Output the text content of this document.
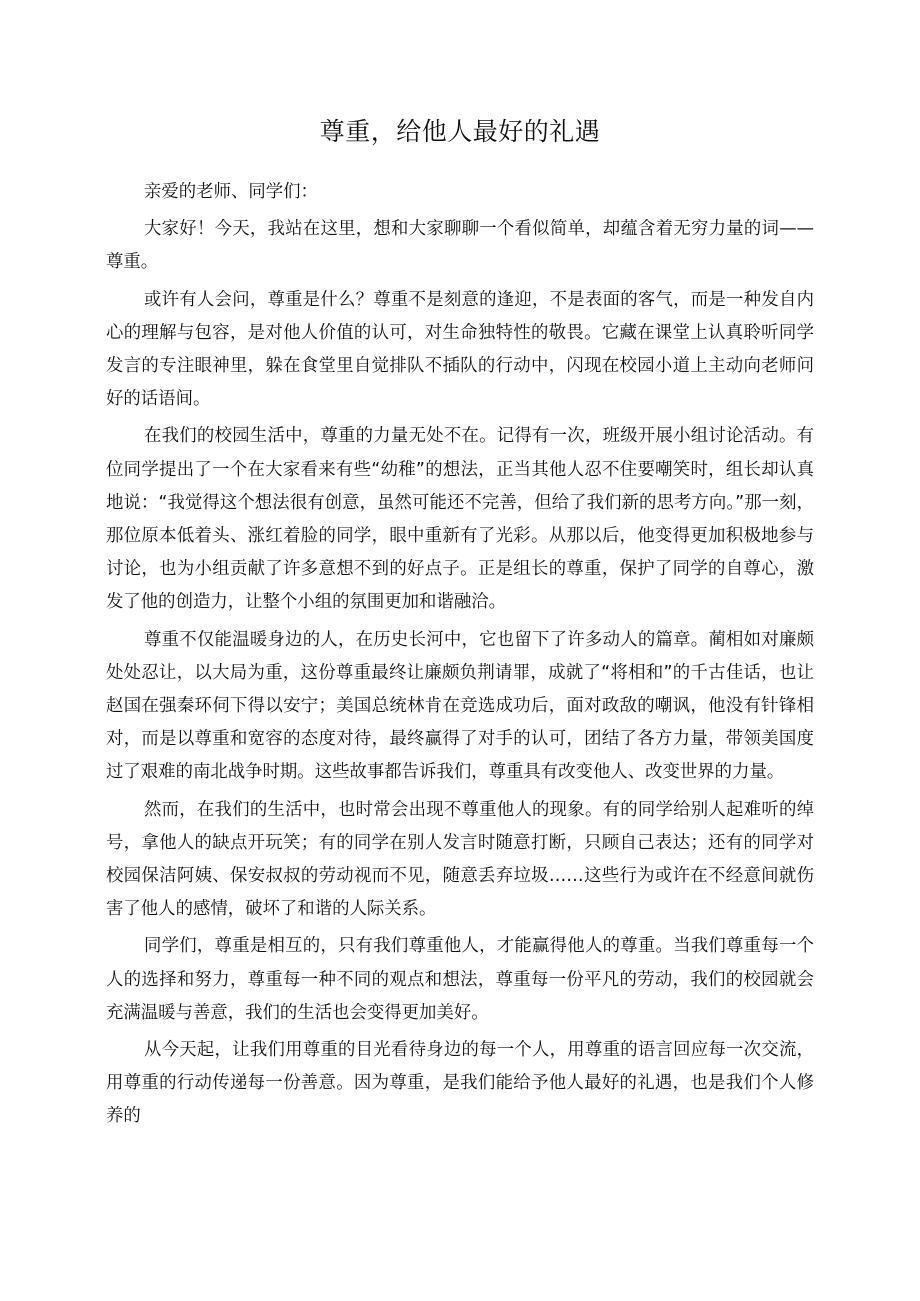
尊重，给他人最好的礼遇

亲爱的老师、同学们：

大家好！今天，我站在这里，想和大家聊聊一个看似简单，却蕴含着无穷力量的词——尊重。

或许有人会问，尊重是什么？尊重不是刻意的逢迎，不是表面的客气，而是一种发自内心的理解与包容，是对他人价值的认可，对生命独特性的敬畏。它藏在课堂上认真聆听同学发言的专注眼神里，躲在食堂里自觉排队不插队的行动中，闪现在校园小道上主动向老师问好的话语间。

在我们的校园生活中，尊重的力量无处不在。记得有一次，班级开展小组讨论活动。有位同学提出了一个在大家看来有些“幼稚”的想法，正当其他人忍不住要嘲笑时，组长却认真地说：“我觉得这个想法很有创意，虽然可能还不完善，但给了我们新的思考方向。”那一刻，那位原本低着头、涨红着脸的同学，眼中重新有了光彩。从那以后，他变得更加积极地参与讨论，也为小组贡献了许多意想不到的好点子。正是组长的尊重，保护了同学的自尊心，激发了他的创造力，让整个小组的氛围更加和谐融洽。

尊重不仅能温暖身边的人，在历史长河中，它也留下了许多动人的篇章。蔺相如对廉颇处处忍让，以大局为重，这份尊重最终让廉颇负荆请罪，成就了“将相和”的千古佳话，也让赵国在强秦环伺下得以安宁；美国总统林肯在竞选成功后，面对政敌的嘲讽，他没有针锋相对，而是以尊重和宽容的态度对待，最终赢得了对手的认可，团结了各方力量，带领美国度过了艰难的南北战争时期。这些故事都告诉我们，尊重具有改变他人、改变世界的力量。

然而，在我们的生活中，也时常会出现不尊重他人的现象。有的同学给别人起难听的绰号，拿他人的缺点开玩笑；有的同学在别人发言时随意打断，只顾自己表达；还有的同学对校园保洁阿姨、保安叔叔的劳动视而不见，随意丢弃垃圾……这些行为或许在不经意间就伤害了他人的感情，破坏了和谐的人际关系。

同学们，尊重是相互的，只有我们尊重他人，才能赢得他人的尊重。当我们尊重每一个人的选择和努力，尊重每一种不同的观点和想法，尊重每一份平凡的劳动，我们的校园就会充满温暖与善意，我们的生活也会变得更加美好。

从今天起，让我们用尊重的目光看待身边的每一个人，用尊重的语言回应每一次交流，用尊重的行动传递每一份善意。因为尊重，是我们能给予他人最好的礼遇，也是我们个人修养的
